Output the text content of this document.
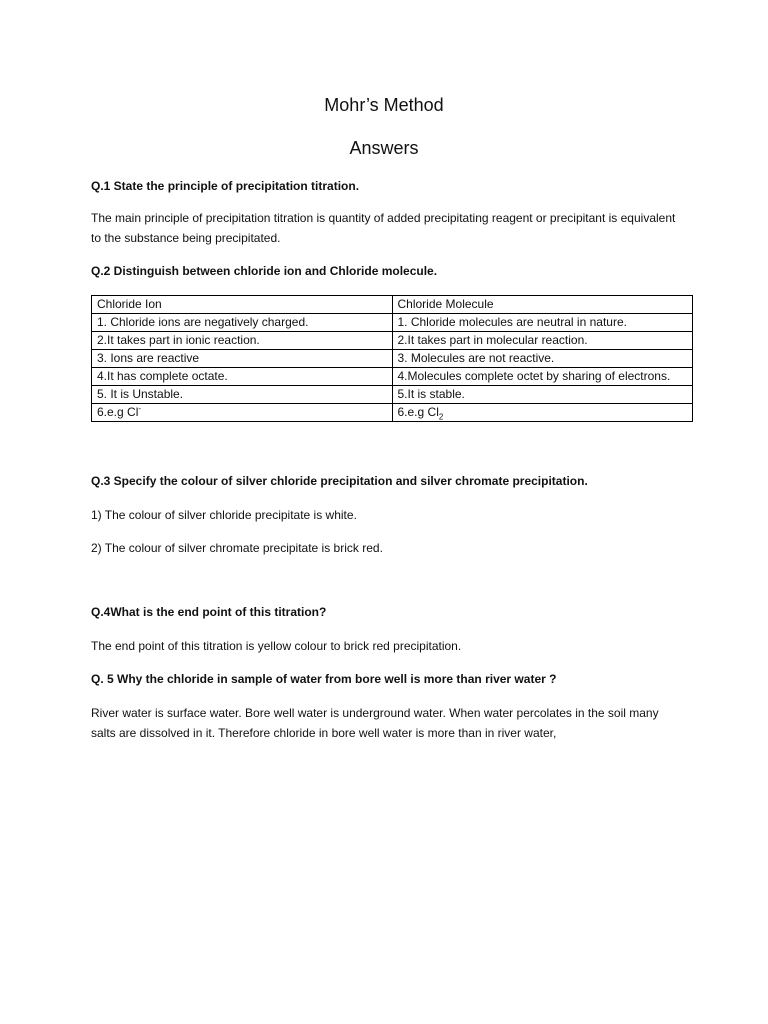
Mohr’s Method
Answers

Q.1 State the principle of precipitation titration.

The main principle of precipitation titration is quantity of added precipitating reagent or precipitant is equivalent to the substance being precipitated.

Q.2 Distinguish between chloride ion and Chloride molecule.

Chloride Ion	Chloride Molecule
1. Chloride ions are negatively charged.	1. Chloride molecules are neutral in nature.
2.It takes part in ionic reaction.	2.It takes part in molecular reaction.
3. Ions are reactive	3. Molecules are not reactive.
4.It has complete octate.	4.Molecules complete octet by sharing of electrons.
5. It is Unstable.	5.It is stable.
6.e.g Cl-	6.e.g $Cl_2$

Q.3 Specify the colour of silver chloride precipitation and silver chromate precipitation.

1) The colour of silver chloride precipitate is white.

2) The colour of silver chromate precipitate is brick red.

Q.4What is the end point of this titration?

The end point of this titration is yellow colour to brick red precipitation.

Q. 5 Why the chloride in sample of water from bore well is more than river water ?

River water is surface water. Bore well water is underground water. When water percolates in the soil many salts are dissolved in it. Therefore chloride in bore well water is more than in river water,
